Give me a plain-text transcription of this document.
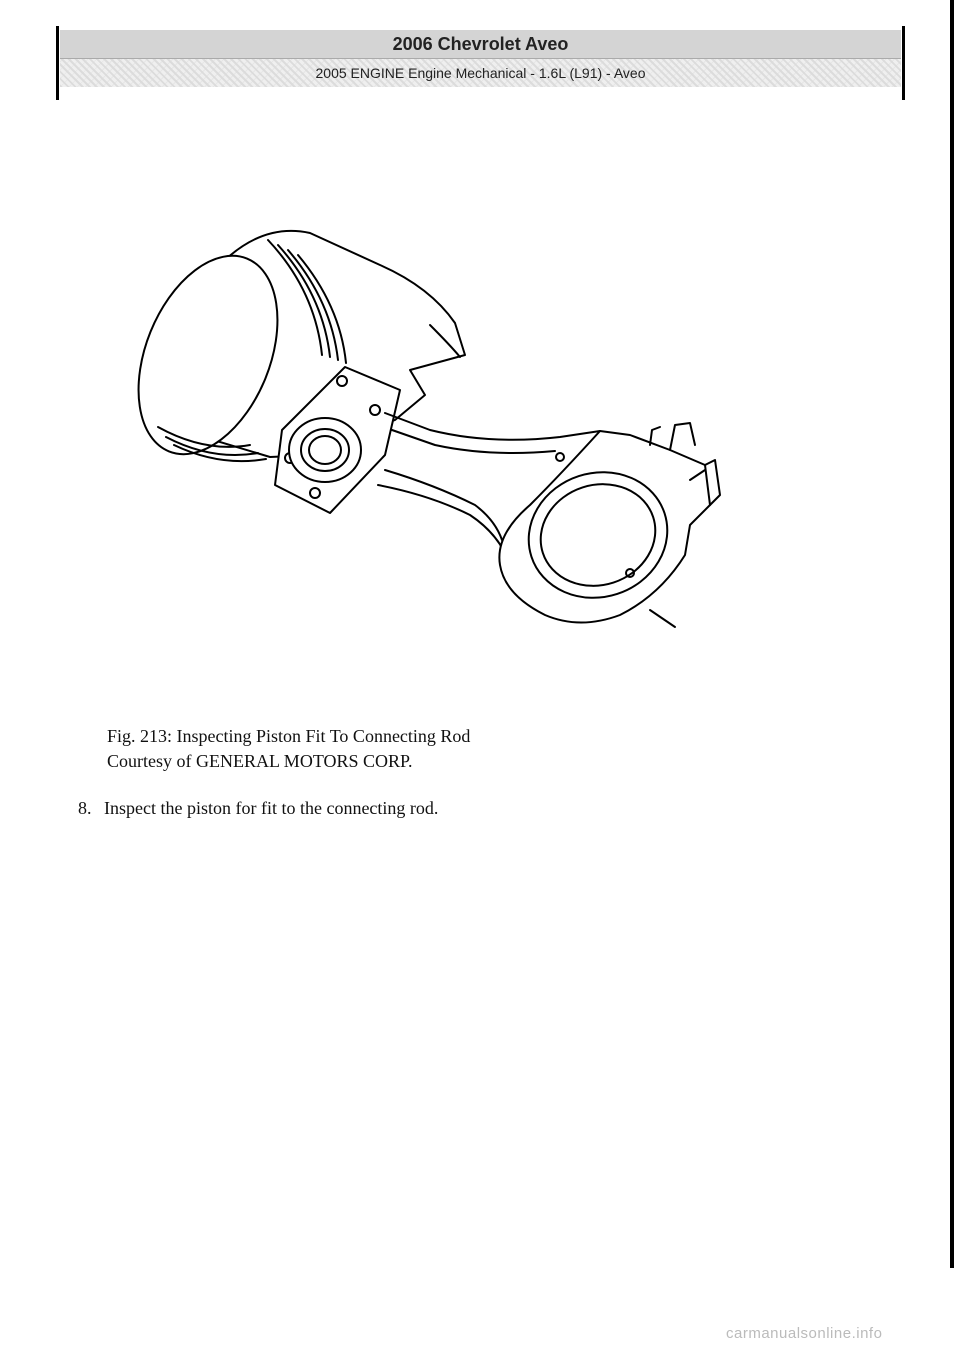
2006 Chevrolet Aveo
2005 ENGINE Engine Mechanical - 1.6L (L91) - Aveo
Fig. 213: Inspecting Piston Fit To Connecting Rod
Courtesy of GENERAL MOTORS CORP.
8. Inspect the piston for fit to the connecting rod.
carmanualsonline.info
